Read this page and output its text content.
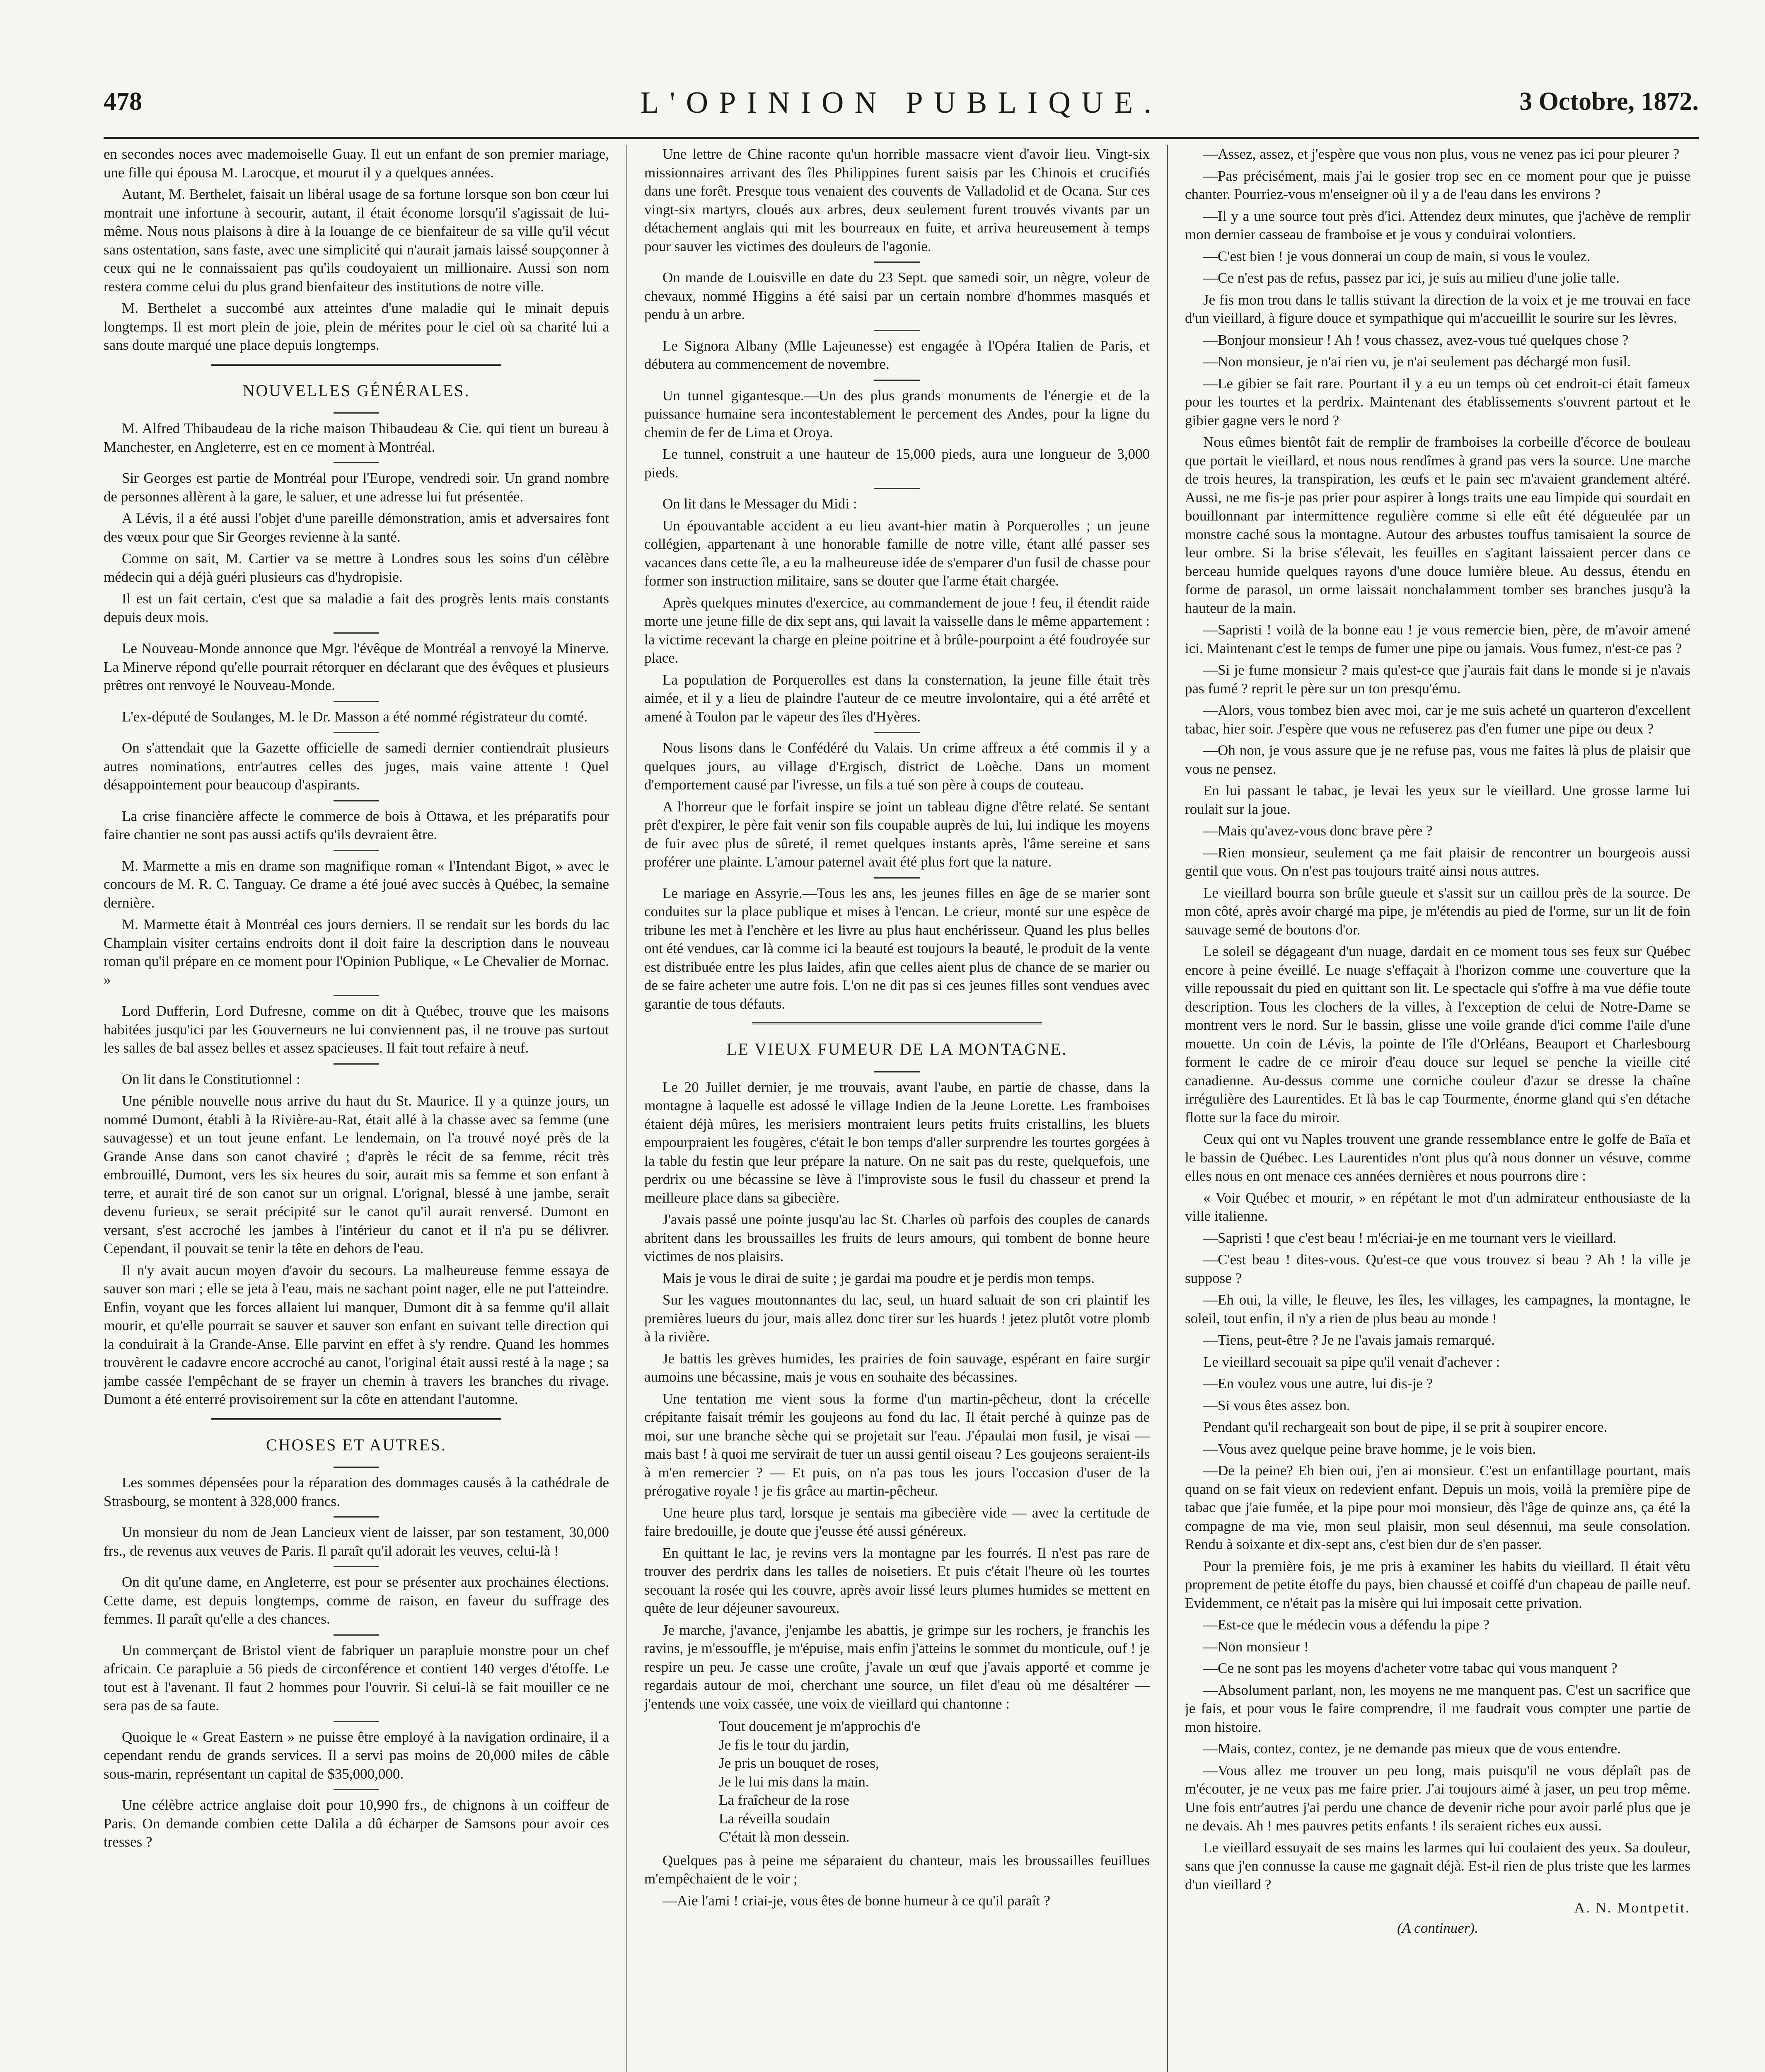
478	L'OPINION PUBLIQUE.	3 Octobre, 1872.

en secondes noces avec mademoiselle Guay. Il eut un enfant de son premier mariage, une fille qui épousa M. Larocque, et mourut il y a quelques années.

Autant, M. Berthelet, faisait un libéral usage de sa fortune lorsque son bon cœur lui montrait une infortune à secourir, autant, il était économe lorsqu'il s'agissait de lui-même. Nous nous plaisons à dire à la louange de ce bienfaiteur de sa ville qu'il vécut sans ostentation, sans faste, avec une simplicité qui n'aurait jamais laissé soupçonner à ceux qui ne le connaissaient pas qu'ils coudoyaient un millionaire. Aussi son nom restera comme celui du plus grand bienfaiteur des institutions de notre ville.

M. Berthelet a succombé aux atteintes d'une maladie qui le minait depuis longtemps. Il est mort plein de joie, plein de mérites pour le ciel où sa charité lui a sans doute marqué une place depuis longtemps.

NOUVELLES GÉNÉRALES.

M. Alfred Thibaudeau de la riche maison Thibaudeau & Cie. qui tient un bureau à Manchester, en Angleterre, est en ce moment à Montréal.

Sir Georges est partie de Montréal pour l'Europe, vendredi soir. Un grand nombre de personnes allèrent à la gare, le saluer, et une adresse lui fut présentée.

A Lévis, il a été aussi l'objet d'une pareille démonstration, amis et adversaires font des vœux pour que Sir Georges revienne à la santé.

Comme on sait, M. Cartier va se mettre à Londres sous les soins d'un célèbre médecin qui a déjà guéri plusieurs cas d'hydropisie.

Il est un fait certain, c'est que sa maladie a fait des progrès lents mais constants depuis deux mois.

Le Nouveau-Monde annonce que Mgr. l'évêque de Montréal a renvoyé la Minerve. La Minerve répond qu'elle pourrait rétorquer en déclarant que des évêques et plusieurs prêtres ont renvoyé le Nouveau-Monde.

L'ex-député de Soulanges, M. le Dr. Masson a été nommé régistrateur du comté.

On s'attendait que la Gazette officielle de samedi dernier contiendrait plusieurs autres nominations, entr'autres celles des juges, mais vaine attente ! Quel désappointement pour beaucoup d'aspirants.

La crise financière affecte le commerce de bois à Ottawa, et les préparatifs pour faire chantier ne sont pas aussi actifs qu'ils devraient être.

M. Marmette a mis en drame son magnifique roman « l'Intendant Bigot, » avec le concours de M. R. C. Tanguay. Ce drame a été joué avec succès à Québec, la semaine dernière.

M. Marmette était à Montréal ces jours derniers. Il se rendait sur les bords du lac Champlain visiter certains endroits dont il doit faire la description dans le nouveau roman qu'il prépare en ce moment pour l'Opinion Publique, « Le Chevalier de Mornac. »

Lord Dufferin, Lord Dufresne, comme on dit à Québec, trouve que les maisons habitées jusqu'ici par les Gouverneurs ne lui conviennent pas, il ne trouve pas surtout les salles de bal assez belles et assez spacieuses. Il fait tout refaire à neuf.

On lit dans le Constitutionnel :

Une pénible nouvelle nous arrive du haut du St. Maurice. Il y a quinze jours, un nommé Dumont, établi à la Rivière-au-Rat, était allé à la chasse avec sa femme (une sauvagesse) et un tout jeune enfant. Le lendemain, on l'a trouvé noyé près de la Grande Anse dans son canot chaviré ; d'après le récit de sa femme, récit très embrouillé, Dumont, vers les six heures du soir, aurait mis sa femme et son enfant à terre, et aurait tiré de son canot sur un orignal. L'orignal, blessé à une jambe, serait devenu furieux, se serait précipité sur le canot qu'il aurait renversé. Dumont en versant, s'est accroché les jambes à l'intérieur du canot et il n'a pu se délivrer. Cependant, il pouvait se tenir la tête en dehors de l'eau.

Il n'y avait aucun moyen d'avoir du secours. La malheureuse femme essaya de sauver son mari ; elle se jeta à l'eau, mais ne sachant point nager, elle ne put l'atteindre. Enfin, voyant que les forces allaient lui manquer, Dumont dit à sa femme qu'il allait mourir, et qu'elle pourrait se sauver et sauver son enfant en suivant telle direction qui la conduirait à la Grande-Anse. Elle parvint en effet à s'y rendre. Quand les hommes trouvèrent le cadavre encore accroché au canot, l'original était aussi resté à la nage ; sa jambe cassée l'empêchant de se frayer un chemin à travers les branches du rivage. Dumont a été enterré provisoirement sur la côte en attendant l'automne.

CHOSES ET AUTRES.

Les sommes dépensées pour la réparation des dommages causés à la cathédrale de Strasbourg, se montent à 328,000 francs.

Un monsieur du nom de Jean Lancieux vient de laisser, par son testament, 30,000 frs., de revenus aux veuves de Paris. Il paraît qu'il adorait les veuves, celui-là !

On dit qu'une dame, en Angleterre, est pour se présenter aux prochaines élections. Cette dame, est depuis longtemps, comme de raison, en faveur du suffrage des femmes. Il paraît qu'elle a des chances.

Un commerçant de Bristol vient de fabriquer un parapluie monstre pour un chef africain. Ce parapluie a 56 pieds de circonférence et contient 140 verges d'étoffe. Le tout est à l'avenant. Il faut 2 hommes pour l'ouvrir. Si celui-là se fait mouiller ce ne sera pas de sa faute.

Quoique le « Great Eastern » ne puisse être employé à la navigation ordinaire, il a cependant rendu de grands services. Il a servi pas moins de 20,000 miles de câble sous-marin, représentant un capital de $35,000,000.

Une célèbre actrice anglaise doit pour 10,990 frs., de chignons à un coiffeur de Paris. On demande combien cette Dalila a dû écharper de Samsons pour avoir ces tresses ?

Une lettre de Chine raconte qu'un horrible massacre vient d'avoir lieu. Vingt-six missionnaires arrivant des îles Philippines furent saisis par les Chinois et crucifiés dans une forêt. Presque tous venaient des couvents de Valladolid et de Ocana. Sur ces vingt-six martyrs, cloués aux arbres, deux seulement furent trouvés vivants par un détachement anglais qui mit les bourreaux en fuite, et arriva heureusement à temps pour sauver les victimes des douleurs de l'agonie.

On mande de Louisville en date du 23 Sept. que samedi soir, un nègre, voleur de chevaux, nommé Higgins a été saisi par un certain nombre d'hommes masqués et pendu à un arbre.

Le Signora Albany (Mlle Lajeunesse) est engagée à l'Opéra Italien de Paris, et débutera au commencement de novembre.

Un tunnel gigantesque.—Un des plus grands monuments de l'énergie et de la puissance humaine sera incontestablement le percement des Andes, pour la ligne du chemin de fer de Lima et Oroya.

Le tunnel, construit a une hauteur de 15,000 pieds, aura une longueur de 3,000 pieds.

On lit dans le Messager du Midi :

Un épouvantable accident a eu lieu avant-hier matin à Porquerolles ; un jeune collégien, appartenant à une honorable famille de notre ville, étant allé passer ses vacances dans cette île, a eu la malheureuse idée de s'emparer d'un fusil de chasse pour former son instruction militaire, sans se douter que l'arme était chargée.

Après quelques minutes d'exercice, au commandement de joue ! feu, il étendit raide morte une jeune fille de dix sept ans, qui lavait la vaisselle dans le même appartement : la victime recevant la charge en pleine poitrine et à brûle-pourpoint a été foudroyée sur place.

La population de Porquerolles est dans la consternation, la jeune fille était très aimée, et il y a lieu de plaindre l'auteur de ce meutre involontaire, qui a été arrêté et amené à Toulon par le vapeur des îles d'Hyères.

Nous lisons dans le Confédéré du Valais. Un crime affreux a été commis il y a quelques jours, au village d'Ergisch, district de Loèche. Dans un moment d'emportement causé par l'ivresse, un fils a tué son père à coups de couteau.

A l'horreur que le forfait inspire se joint un tableau digne d'être relaté. Se sentant prêt d'expirer, le père fait venir son fils coupable auprès de lui, lui indique les moyens de fuir avec plus de sûreté, il remet quelques instants après, l'âme sereine et sans proférer une plainte. L'amour paternel avait été plus fort que la nature.

Le mariage en Assyrie.—Tous les ans, les jeunes filles en âge de se marier sont conduites sur la place publique et mises à l'encan. Le crieur, monté sur une espèce de tribune les met à l'enchère et les livre au plus haut enchérisseur. Quand les plus belles ont été vendues, car là comme ici la beauté est toujours la beauté, le produit de la vente est distribuée entre les plus laides, afin que celles aient plus de chance de se marier ou de se faire acheter une autre fois. L'on ne dit pas si ces jeunes filles sont vendues avec garantie de tous défauts.

LE VIEUX FUMEUR DE LA MONTAGNE.

Le 20 Juillet dernier, je me trouvais, avant l'aube, en partie de chasse, dans la montagne à laquelle est adossé le village Indien de la Jeune Lorette. Les framboises étaient déjà mûres, les merisiers montraient leurs petits fruits cristallins, les bluets empourpraient les fougères, c'était le bon temps d'aller surprendre les tourtes gorgées à la table du festin que leur prépare la nature. On ne sait pas du reste, quelquefois, une perdrix ou une bécassine se lève à l'improviste sous le fusil du chasseur et prend la meilleure place dans sa gibecière.

J'avais passé une pointe jusqu'au lac St. Charles où parfois des couples de canards abritent dans les broussailles les fruits de leurs amours, qui tombent de bonne heure victimes de nos plaisirs.

Mais je vous le dirai de suite ; je gardai ma poudre et je perdis mon temps.

Sur les vagues moutonnantes du lac, seul, un huard saluait de son cri plaintif les premières lueurs du jour, mais allez donc tirer sur les huards ! jetez plutôt votre plomb à la rivière.

Je battis les grèves humides, les prairies de foin sauvage, espérant en faire surgir aumoins une bécassine, mais je vous en souhaite des bécassines.

Une tentation me vient sous la forme d'un martin-pêcheur, dont la crécelle crépitante faisait trémir les goujeons au fond du lac. Il était perché à quinze pas de moi, sur une branche sèche qui se projetait sur l'eau. J'épaulai mon fusil, je visai — mais bast ! à quoi me servirait de tuer un aussi gentil oiseau ? Les goujeons seraient-ils à m'en remercier ? — Et puis, on n'a pas tous les jours l'occasion d'user de la prérogative royale ! je fis grâce au martin-pêcheur.

Une heure plus tard, lorsque je sentais ma gibecière vide — avec la certitude de faire bredouille, je doute que j'eusse été aussi généreux.

En quittant le lac, je revins vers la montagne par les fourrés. Il n'est pas rare de trouver des perdrix dans les talles de noisetiers. Et puis c'était l'heure où les tourtes secouant la rosée qui les couvre, après avoir lissé leurs plumes humides se mettent en quête de leur déjeuner savoureux.

Je marche, j'avance, j'enjambe les abattis, je grimpe sur les rochers, je franchis les ravins, je m'essouffle, je m'épuise, mais enfin j'atteins le sommet du monticule, ouf ! je respire un peu. Je casse une croûte, j'avale un œuf que j'avais apporté et comme je regardais autour de moi, cherchant une source, un filet d'eau où me désaltérer — j'entends une voix cassée, une voix de vieillard qui chantonne :

Tout doucement je m'approchis d'e
Je fis le tour du jardin,
Je pris un bouquet de roses,
Je le lui mis dans la main.
La fraîcheur de la rose
La réveilla soudain
C'était là mon dessein.

Quelques pas à peine me séparaient du chanteur, mais les broussailles feuillues m'empêchaient de le voir ;

—Aie l'ami ! criai-je, vous êtes de bonne humeur à ce qu'il paraît ?

—Assez, assez, et j'espère que vous non plus, vous ne venez pas ici pour pleurer ?

—Pas précisément, mais j'ai le gosier trop sec en ce moment pour que je puisse chanter. Pourriez-vous m'enseigner où il y a de l'eau dans les environs ?

—Il y a une source tout près d'ici. Attendez deux minutes, que j'achève de remplir mon dernier casseau de framboise et je vous y conduirai volontiers.

—C'est bien ! je vous donnerai un coup de main, si vous le voulez.

—Ce n'est pas de refus, passez par ici, je suis au milieu d'une jolie talle.

Je fis mon trou dans le tallis suivant la direction de la voix et je me trouvai en face d'un vieillard, à figure douce et sympathique qui m'accueillit le sourire sur les lèvres.

—Bonjour monsieur ! Ah ! vous chassez, avez-vous tué quelques chose ?

—Non monsieur, je n'ai rien vu, je n'ai seulement pas déchargé mon fusil.

—Le gibier se fait rare. Pourtant il y a eu un temps où cet endroit-ci était fameux pour les tourtes et la perdrix. Maintenant des établissements s'ouvrent partout et le gibier gagne vers le nord ?

Nous eûmes bientôt fait de remplir de framboises la corbeille d'écorce de bouleau que portait le vieillard, et nous nous rendîmes à grand pas vers la source. Une marche de trois heures, la transpiration, les œufs et le pain sec m'avaient grandement altéré. Aussi, ne me fis-je pas prier pour aspirer à longs traits une eau limpide qui sourdait en bouillonnant par intermittence regulière comme si elle eût été dégueulée par un monstre caché sous la montagne. Autour des arbustes touffus tamisaient la source de leur ombre. Si la brise s'élevait, les feuilles en s'agitant laissaient percer dans ce berceau humide quelques rayons d'une douce lumière bleue. Au dessus, étendu en forme de parasol, un orme laissait nonchalamment tomber ses branches jusqu'à la hauteur de la main.

—Sapristi ! voilà de la bonne eau ! je vous remercie bien, père, de m'avoir amené ici. Maintenant c'est le temps de fumer une pipe ou jamais. Vous fumez, n'est-ce pas ?

—Si je fume monsieur ? mais qu'est-ce que j'aurais fait dans le monde si je n'avais pas fumé ? reprit le père sur un ton presqu'ému.

—Alors, vous tombez bien avec moi, car je me suis acheté un quarteron d'excellent tabac, hier soir. J'espère que vous ne refuserez pas d'en fumer une pipe ou deux ?

—Oh non, je vous assure que je ne refuse pas, vous me faites là plus de plaisir que vous ne pensez.

En lui passant le tabac, je levai les yeux sur le vieillard. Une grosse larme lui roulait sur la joue.

—Mais qu'avez-vous donc brave père ?

—Rien monsieur, seulement ça me fait plaisir de rencontrer un bourgeois aussi gentil que vous. On n'est pas toujours traité ainsi nous autres.

Le vieillard bourra son brûle gueule et s'assit sur un caillou près de la source. De mon côté, après avoir chargé ma pipe, je m'étendis au pied de l'orme, sur un lit de foin sauvage semé de boutons d'or.

Le soleil se dégageant d'un nuage, dardait en ce moment tous ses feux sur Québec encore à peine éveillé. Le nuage s'effaçait à l'horizon comme une couverture que la ville repoussait du pied en quittant son lit. Le spectacle qui s'offre à ma vue défie toute description. Tous les clochers de la villes, à l'exception de celui de Notre-Dame se montrent vers le nord. Sur le bassin, glisse une voile grande d'ici comme l'aile d'une mouette. Un coin de Lévis, la pointe de l'île d'Orléans, Beauport et Charlesbourg forment le cadre de ce miroir d'eau douce sur lequel se penche la vieille cité canadienne. Au-dessus comme une corniche couleur d'azur se dresse la chaîne irrégulière des Laurentides. Et là bas le cap Tourmente, énorme gland qui s'en détache flotte sur la face du miroir.

Ceux qui ont vu Naples trouvent une grande ressemblance entre le golfe de Baïa et le bassin de Québec. Les Laurentides n'ont plus qu'à nous donner un vésuve, comme elles nous en ont menace ces années dernières et nous pourrons dire :

« Voir Québec et mourir, » en répétant le mot d'un admirateur enthousiaste de la ville italienne.

—Sapristi ! que c'est beau ! m'écriai-je en me tournant vers le vieillard.

—C'est beau ! dites-vous. Qu'est-ce que vous trouvez si beau ? Ah ! la ville je suppose ?

—Eh oui, la ville, le fleuve, les îles, les villages, les campagnes, la montagne, le soleil, tout enfin, il n'y a rien de plus beau au monde !

—Tiens, peut-être ? Je ne l'avais jamais remarqué.

Le vieillard secouait sa pipe qu'il venait d'achever :

—En voulez vous une autre, lui dis-je ?

—Si vous êtes assez bon.

Pendant qu'il rechargeait son bout de pipe, il se prit à soupirer encore.

—Vous avez quelque peine brave homme, je le vois bien.

—De la peine? Eh bien oui, j'en ai monsieur. C'est un enfantillage pourtant, mais quand on se fait vieux on redevient enfant. Depuis un mois, voilà la première pipe de tabac que j'aie fumée, et la pipe pour moi monsieur, dès l'âge de quinze ans, ça été la compagne de ma vie, mon seul plaisir, mon seul désennui, ma seule consolation. Rendu à soixante et dix-sept ans, c'est bien dur de s'en passer.

Pour la première fois, je me pris à examiner les habits du vieillard. Il était vêtu proprement de petite étoffe du pays, bien chaussé et coiffé d'un chapeau de paille neuf. Evidemment, ce n'était pas la misère qui lui imposait cette privation.

—Est-ce que le médecin vous a défendu la pipe ?

—Non monsieur !

—Ce ne sont pas les moyens d'acheter votre tabac qui vous manquent ?

—Absolument parlant, non, les moyens ne me manquent pas. C'est un sacrifice que je fais, et pour vous le faire comprendre, il me faudrait vous compter une partie de mon histoire.

—Mais, contez, contez, je ne demande pas mieux que de vous entendre.

—Vous allez me trouver un peu long, mais puisqu'il ne vous déplaît pas de m'écouter, je ne veux pas me faire prier. J'ai toujours aimé à jaser, un peu trop même. Une fois entr'autres j'ai perdu une chance de devenir riche pour avoir parlé plus que je ne devais. Ah ! mes pauvres petits enfants ! ils seraient riches eux aussi.

Le vieillard essuyait de ses mains les larmes qui lui coulaient des yeux. Sa douleur, sans que j'en connusse la cause me gagnait déjà. Est-il rien de plus triste que les larmes d'un vieillard ?

A. N. Montpetit.
(A continuer).
